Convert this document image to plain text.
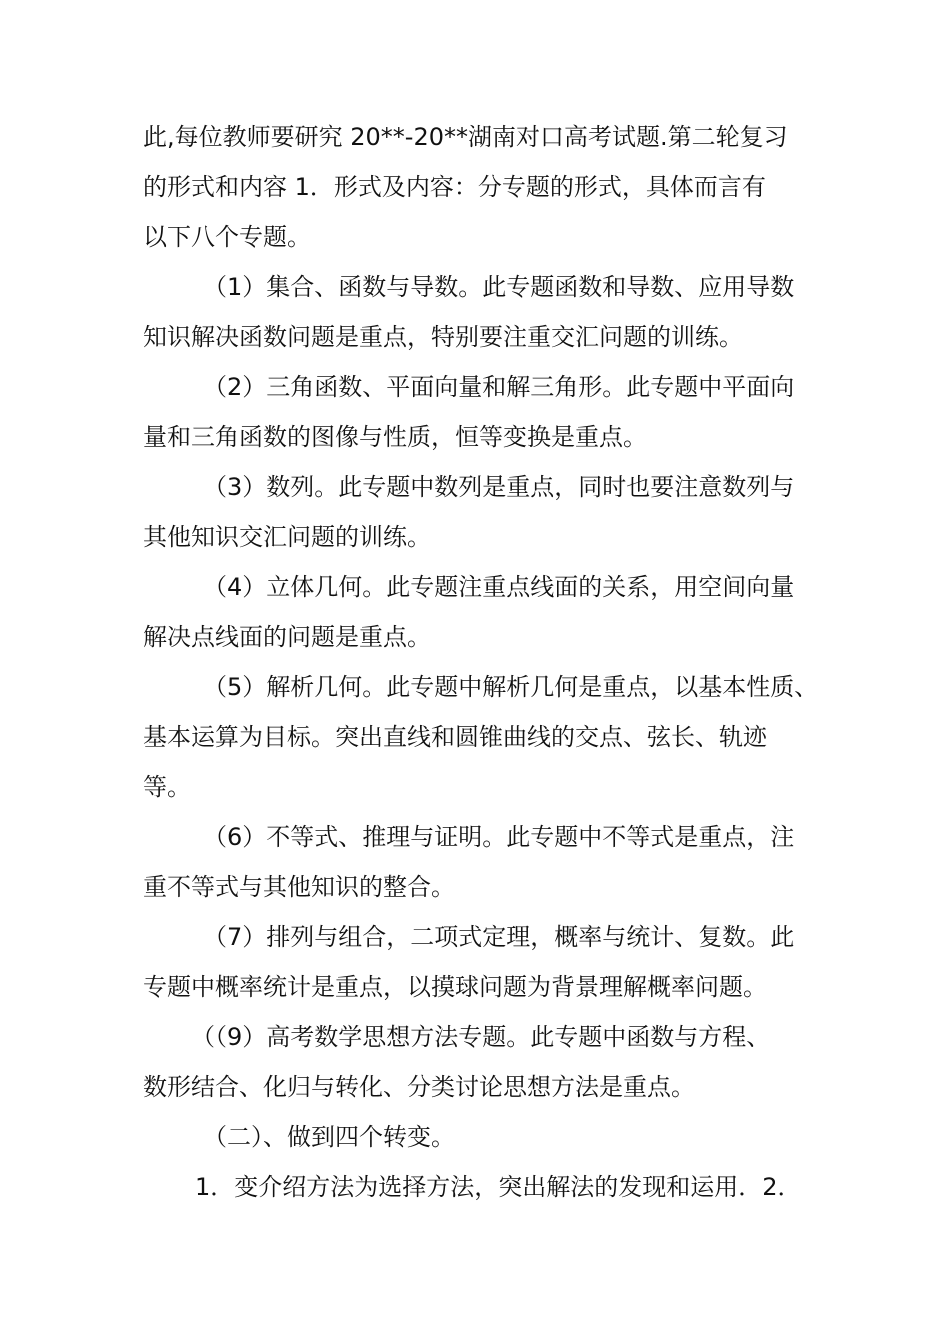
此,每位教师要研究 20**-20**湖南对口高考试题.第二轮复习

的形式和内容 1．形式及内容：分专题的形式，具体而言有

以下八个专题。

（1）集合、函数与导数。此专题函数和导数、应用导数

知识解决函数问题是重点，特别要注重交汇问题的训练。

（2）三角函数、平面向量和解三角形。此专题中平面向

量和三角函数的图像与性质，恒等变换是重点。

（3）数列。此专题中数列是重点，同时也要注意数列与

其他知识交汇问题的训练。

（4）立体几何。此专题注重点线面的关系，用空间向量

解决点线面的问题是重点。

（5）解析几何。此专题中解析几何是重点，以基本性质、

基本运算为目标。突出直线和圆锥曲线的交点、弦长、轨迹

等。

（6）不等式、推理与证明。此专题中不等式是重点，注

重不等式与其他知识的整合。

（7）排列与组合，二项式定理，概率与统计、复数。此

专题中概率统计是重点，以摸球问题为背景理解概率问题。

（（9）高考数学思想方法专题。此专题中函数与方程、

数形结合、化归与转化、分类讨论思想方法是重点。

（二）、做到四个转变。

1．变介绍方法为选择方法，突出解法的发现和运用．2．
